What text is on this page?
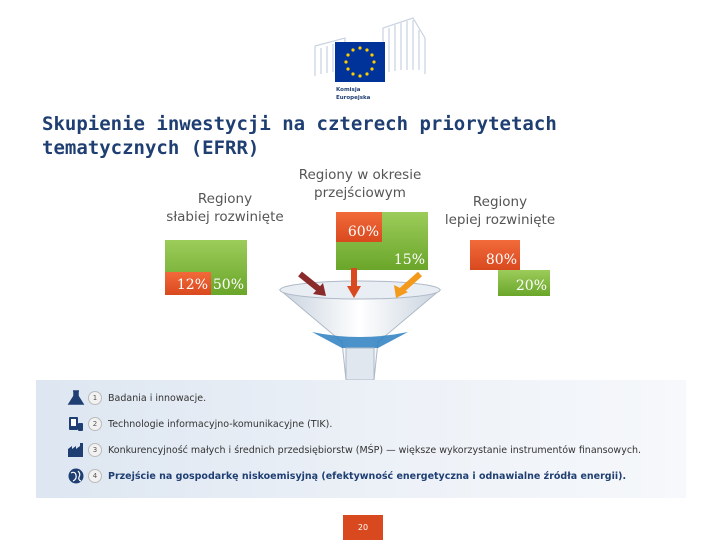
Komisja
Europejska
Skupienie inwestycji na czterech priorytetach
tematycznych (EFRR)
Regiony
słabiej rozwinięte
Regiony w okresie
przejściowym
Regiony
lepiej rozwinięte
50%
12%
15%
60%
80%
20%
1	Badania i innowacje.
2	Technologie informacyjno-komunikacyjne (TIK).
3	Konkurencyjność małych i średnich przedsiębiorstw (MŚP) — większe wykorzystanie instrumentów finansowych.
4	Przejście na gospodarkę niskoemisyjną (efektywność energetyczna i odnawialne źródła energii).
20
